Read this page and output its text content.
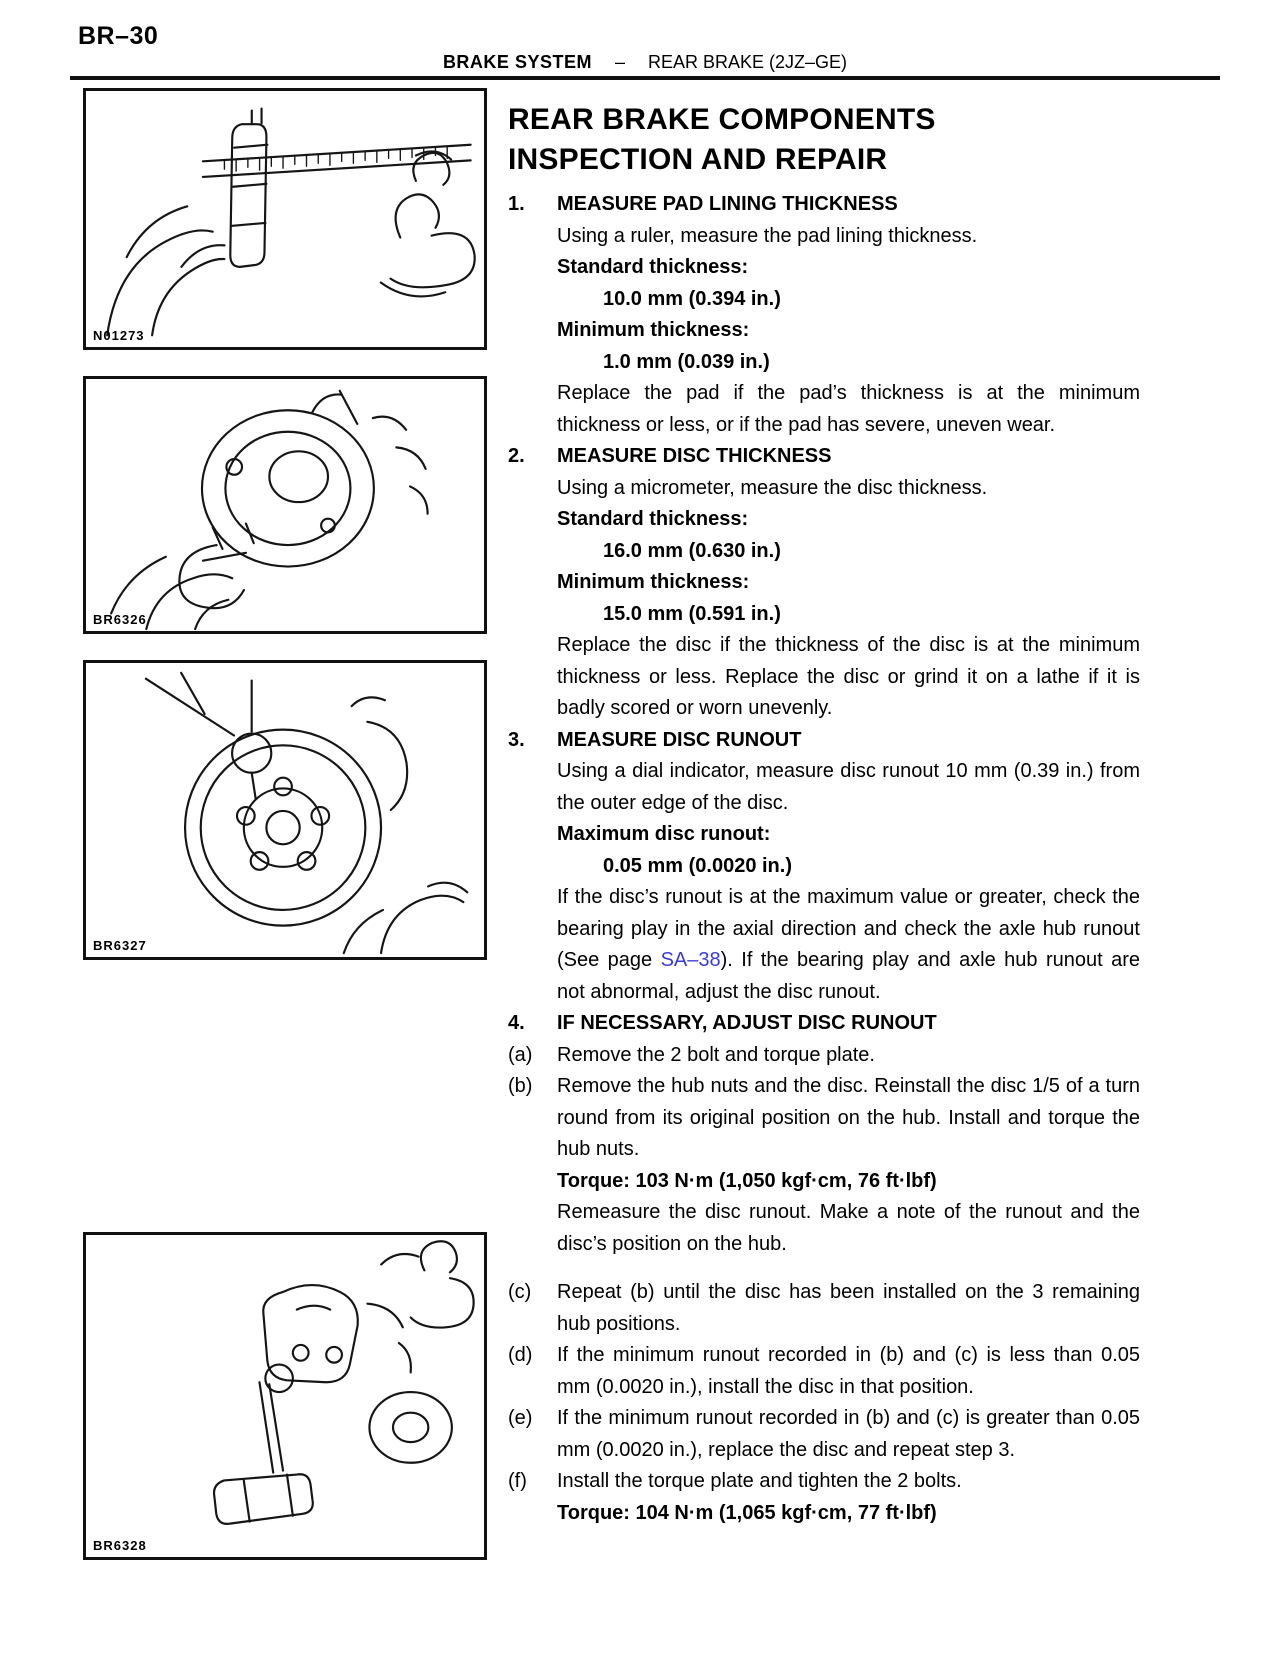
BR–30
BRAKE SYSTEM – REAR BRAKE (2JZ–GE)
N01273
BR6326
BR6327
BR6328
REAR BRAKE COMPONENTS
INSPECTION AND REPAIR
1.	MEASURE PAD LINING THICKNESS
Using a ruler, measure the pad lining thickness.
Standard thickness:
10.0 mm (0.394 in.)
Minimum thickness:
1.0 mm (0.039 in.)
Replace the pad if the pad’s thickness is at the minimum thickness or less, or if the pad has severe, uneven wear.
2.	MEASURE DISC THICKNESS
Using a micrometer, measure the disc thickness.
Standard thickness:
16.0 mm (0.630 in.)
Minimum thickness:
15.0 mm (0.591 in.)
Replace the disc if the thickness of the disc is at the minimum thickness or less. Replace the disc or grind it on a lathe if it is badly scored or worn unevenly.
3.	MEASURE DISC RUNOUT
Using a dial indicator, measure disc runout 10 mm (0.39 in.) from the outer edge of the disc.
Maximum disc runout:
0.05 mm (0.0020 in.)
If the disc’s runout is at the maximum value or greater, check the bearing play in the axial direction and check the axle hub runout (See page SA–38). If the bearing play and axle hub runout are not abnormal, adjust the disc runout.
4.	IF NECESSARY, ADJUST DISC RUNOUT
(a)	Remove the 2 bolt and torque plate.
(b)	Remove the hub nuts and the disc. Reinstall the disc 1/5 of a turn round from its original position on the hub. Install and torque the hub nuts.
Torque: 103 N·m (1,050 kgf·cm, 76 ft·lbf)
Remeasure the disc runout. Make a note of the runout and the disc’s position on the hub.
(c)	Repeat (b) until the disc has been installed on the 3 remaining hub positions.
(d)	If the minimum runout recorded in (b) and (c) is less than 0.05 mm (0.0020 in.), install the disc in that position.
(e)	If the minimum runout recorded in (b) and (c) is greater than 0.05 mm (0.0020 in.), replace the disc and repeat step 3.
(f)	Install the torque plate and tighten the 2 bolts.
Torque: 104 N·m (1,065 kgf·cm, 77 ft·lbf)
